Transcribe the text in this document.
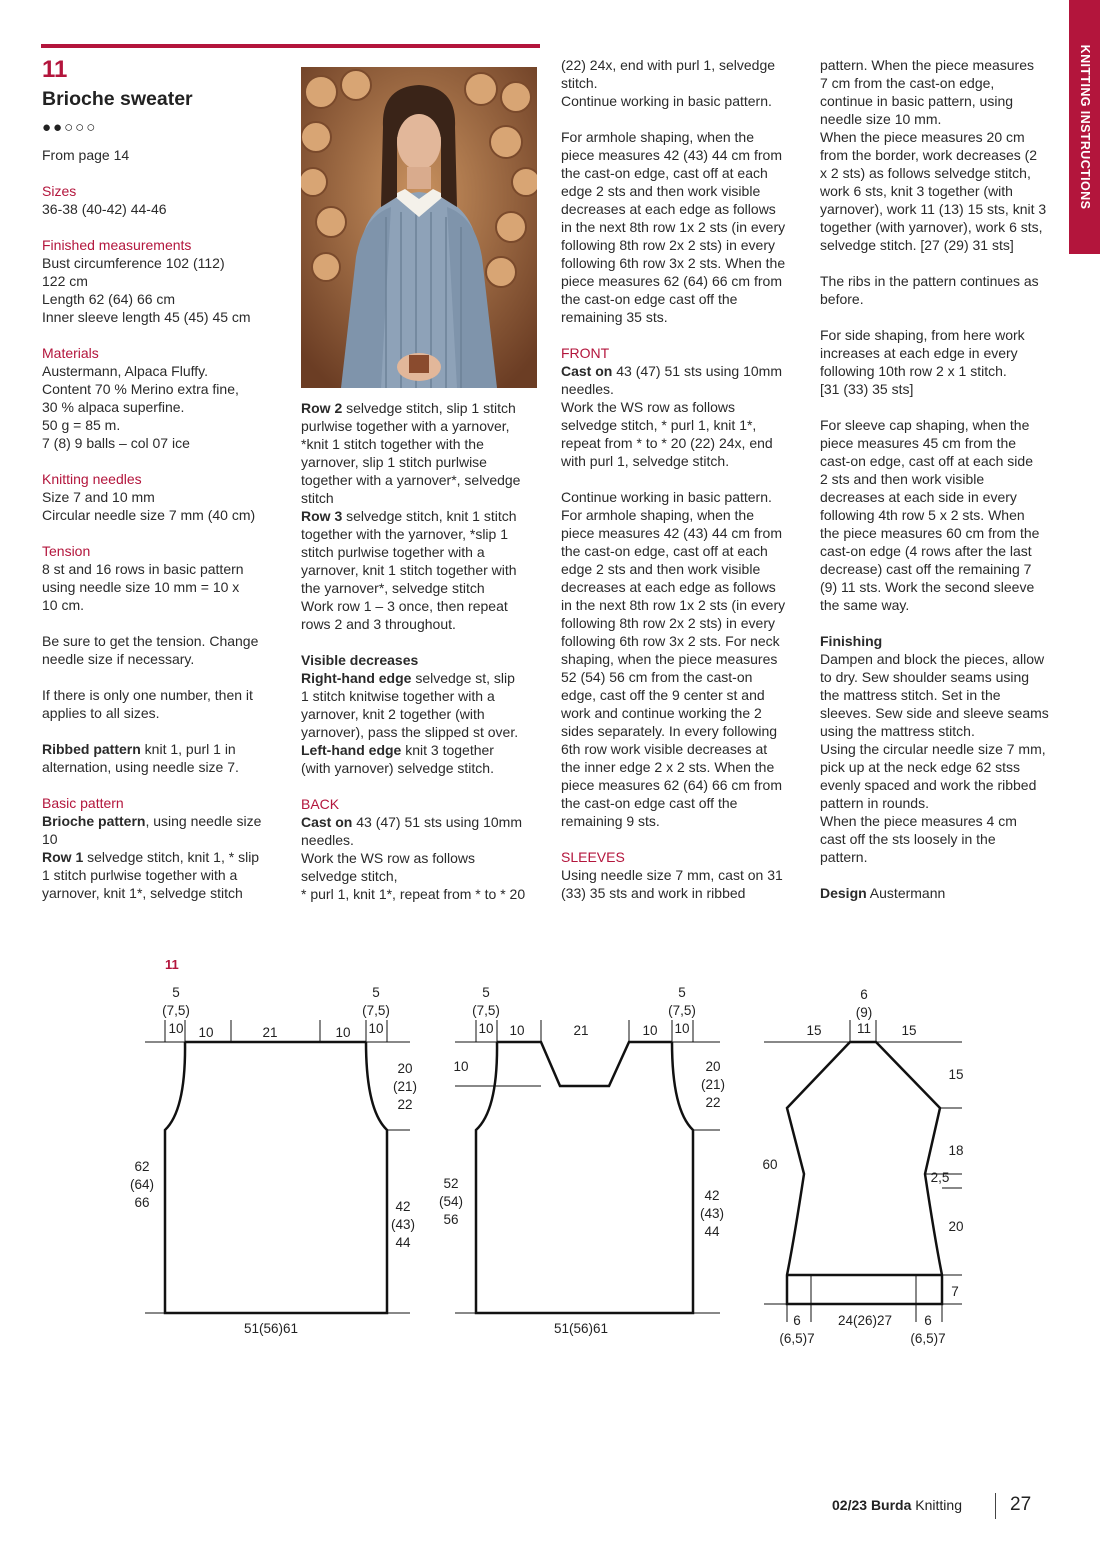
KNITTING INSTRUCTIONS
11
Brioche sweater
●●○○○

From page 14

Sizes

36-38 (40-42) 44-46

Finished measurements

Bust circumference 102 (112)
122 cm
Length 62 (64) 66 cm
Inner sleeve length 45 (45) 45 cm

Materials

Austermann, Alpaca Fluffy.
Content 70 % Merino extra fine,
30 % alpaca superfine.
50 g = 85 m.
7 (8) 9 balls – col 07 ice

Knitting needles

Size 7 and 10 mm
Circular needle size 7 mm (40 cm)

Tension

8 st and 16 rows in basic pattern
using needle size 10 mm = 10 x
10 cm.

Be sure to get the tension. Change
needle size if necessary.

If there is only one number, then it
applies to all sizes.

Ribbed pattern knit 1, purl 1 in
alternation, using needle size 7.

Basic pattern

Brioche pattern, using needle size
10

Row 1 selvedge stitch, knit 1, * slip
1 stitch purlwise together with a
yarnover, knit 1*, selvedge stitch

Row 2 selvedge stitch, slip 1 stitch
purlwise together with a yarnover,
*knit 1 stitch together with the
yarnover, slip 1 stitch purlwise
together with a yarnover*, selvedge
stitch

Row 3 selvedge stitch, knit 1 stitch
together with the yarnover, *slip 1
stitch purlwise together with a
yarnover, knit 1 stitch together with
the yarnover*, selvedge stitch
Work row 1 – 3 once, then repeat
rows 2 and 3 throughout.

Visible decreases

Right-hand edge selvedge st, slip
1 stitch knitwise together with a
yarnover, knit 2 together (with
yarnover), pass the slipped st over.

Left-hand edge knit 3 together
(with yarnover) selvedge stitch.

BACK

Cast on 43 (47) 51 sts using 10mm
needles.
Work the WS row as follows
selvedge stitch,
* purl 1, knit 1*, repeat from * to * 20

(22) 24x, end with purl 1, selvedge
stitch.
Continue working in basic pattern.

For armhole shaping, when the
piece measures 42 (43) 44 cm from
the cast-on edge, cast off at each
edge 2 sts and then work visible
decreases at each edge as follows
in the next 8th row 1x 2 sts (in every
following 8th row 2x 2 sts) in every
following 6th row 3x 2 sts. When the
piece measures 62 (64) 66 cm from
the cast-on edge cast off the
remaining 35 sts.

FRONT

Cast on 43 (47) 51 sts using 10mm
needles.
Work the WS row as follows
selvedge stitch, * purl 1, knit 1*,
repeat from * to * 20 (22) 24x, end
with purl 1, selvedge stitch.

Continue working in basic pattern.
For armhole shaping, when the
piece measures 42 (43) 44 cm from
the cast-on edge, cast off at each
edge 2 sts and then work visible
decreases at each edge as follows
in the next 8th row 1x 2 sts (in every
following 8th row 2x 2 sts) in every
following 6th row 3x 2 sts. For neck
shaping, when the piece measures
52 (54) 56 cm from the cast-on
edge, cast off the 9 center st and
work and continue working the 2
sides separately. In every following
6th row work visible decreases at
the inner edge 2 x 2 sts. When the
piece measures 62 (64) 66 cm from
the cast-on edge cast off the
remaining 9 sts.

SLEEVES

Using needle size 7 mm, cast on 31
(33) 35 sts and work in ribbed

pattern. When the piece measures
7 cm from the cast-on edge,
continue in basic pattern, using
needle size 10 mm.
When the piece measures 20 cm
from the border, work decreases (2
x 2 sts) as follows selvedge stitch,
work 6 sts, knit 3 together (with
yarnover), work 11 (13) 15 sts, knit 3
together (with yarnover), work 6 sts,
selvedge stitch. [27 (29) 31 sts]

The ribs in the pattern continues as
before.

For side shaping, from here work
increases at each edge in every
following 10th row 2 x 1 stitch.
[31 (33) 35 sts]

For sleeve cap shaping, when the
piece measures 45 cm from the
cast-on edge, cast off at each side
2 sts and then work visible
decreases at each side in every
following 4th row 5 x 2 sts. When
the piece measures 60 cm from the
cast-on edge (4 rows after the last
decrease) cast off the remaining 7
(9) 11 sts. Work the second sleeve
the same way.

Finishing

Dampen and block the pieces, allow
to dry. Sew shoulder seams using
the mattress stitch. Set in the
sleeves. Sew side and sleeve seams
using the mattress stitch.
Using the circular needle size 7 mm,
pick up at the neck edge 62 stss
evenly spaced and work the ribbed
pattern in rounds.
When the piece measures 4 cm
cast off the sts loosely in the
pattern.

Design Austermann

11
5
(7,5)
10
5
(7,5)
10
10	21	10
20
(21)
22
42
(43)
44
62
(64)
66
51(56)61
5
(7,5)
10
5
(7,5)
10
10	21	10
10	20
(21)
22
42
(43)
44
52
(54)
56
51(56)61
6
(9)
11
15	15
15
18
2,5
20
7
60
6
(6,5)7
24(26)27 6
(6,5)7
02/23 Burda Knitting	27
